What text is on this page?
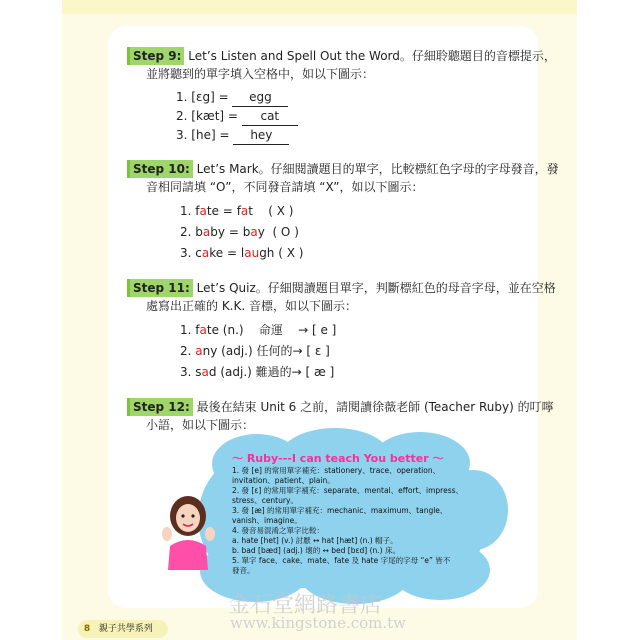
Step 9: Let’s Listen and Spell Out the Word。仔細聆聽題目的音標提示，
並將聽到的單字填入空格中，如以下圖示：
1. [ɛg] = egg
2. [kæt] = cat
3. [he] = hey
Step 10: Let’s Mark。仔細閱讀題目的單字，比較標紅色字母的字母發音，發
音相同請填 “O”，不同發音請填 “X”，如以下圖示：
1. fate = fat ( X )
2. baby = bay ( O )
3. cake = laugh ( X )
Step 11: Let’s Quiz。仔細閱讀題目單字，判斷標紅色的母音字母，並在空格
處寫出正確的 K.K. 音標，如以下圖示：
1. fate (n.) 命運 → [ e ]
2. any (adj.) 任何的→ [ ɛ ]
3. sad (adj.) 難過的→ [ æ ]
Step 12: 最後在結束 Unit 6 之前，請閱讀徐薇老師 (Teacher Ruby) 的叮嚀
小語，如以下圖示：
～ Ruby---I can teach You better ～
1. 發 [e] 的常用單字補充：stationery、trace、operation、
invitation、patient、plain。
2. 發 [ɛ] 的常用單字補充：separate、mental、effort、impress、
stress、century。
3. 發 [æ] 的常用單字補充：mechanic、maximum、tangle、
vanish、imagine。
4. 發音易混淆之單字比較：
a. hate [het] (v.) 討厭 ↔ hat [hæt] (n.) 帽子。
b. bad [bæd] (adj.) 壞的 ↔ bed [bɛd] (n.) 床。
5. 單字 face、cake、mate、fate 及 hate 字尾的字母 “e” 皆不
發音。
金石堂網路書店
www.kingstone.com.tw
8 親子共學系列
